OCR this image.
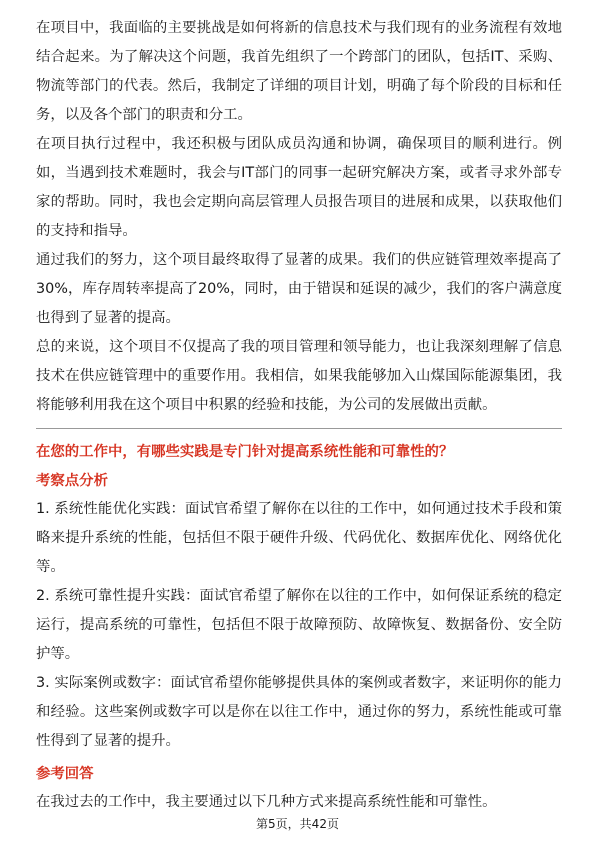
在项目中，我面临的主要挑战是如何将新的信息技术与我们现有的业务流程有效地结合起来。为了解决这个问题，我首先组织了一个跨部门的团队，包括IT、采购、物流等部门的代表。然后，我制定了详细的项目计划，明确了每个阶段的目标和任务，以及各个部门的职责和分工。

在项目执行过程中，我还积极与团队成员沟通和协调，确保项目的顺利进行。例如，当遇到技术难题时，我会与IT部门的同事一起研究解决方案，或者寻求外部专家的帮助。同时，我也会定期向高层管理人员报告项目的进展和成果，以获取他们的支持和指导。

通过我们的努力，这个项目最终取得了显著的成果。我们的供应链管理效率提高了30%，库存周转率提高了20%，同时，由于错误和延误的减少，我们的客户满意度也得到了显著的提高。

总的来说，这个项目不仅提高了我的项目管理和领导能力，也让我深刻理解了信息技术在供应链管理中的重要作用。我相信，如果我能够加入山煤国际能源集团，我将能够利用我在这个项目中积累的经验和技能，为公司的发展做出贡献。

在您的工作中，有哪些实践是专门针对提高系统性能和可靠性的？

考察点分析

1. 系统性能优化实践：面试官希望了解你在以往的工作中，如何通过技术手段和策略来提升系统的性能，包括但不限于硬件升级、代码优化、数据库优化、网络优化等。

2. 系统可靠性提升实践：面试官希望了解你在以往的工作中，如何保证系统的稳定运行，提高系统的可靠性，包括但不限于故障预防、故障恢复、数据备份、安全防护等。

3. 实际案例或数字：面试官希望你能够提供具体的案例或者数字，来证明你的能力和经验。这些案例或数字可以是你在以往工作中，通过你的努力，系统性能或可靠性得到了显著的提升。

参考回答

在我过去的工作中，我主要通过以下几种方式来提高系统性能和可靠性。

第5页，共42页
